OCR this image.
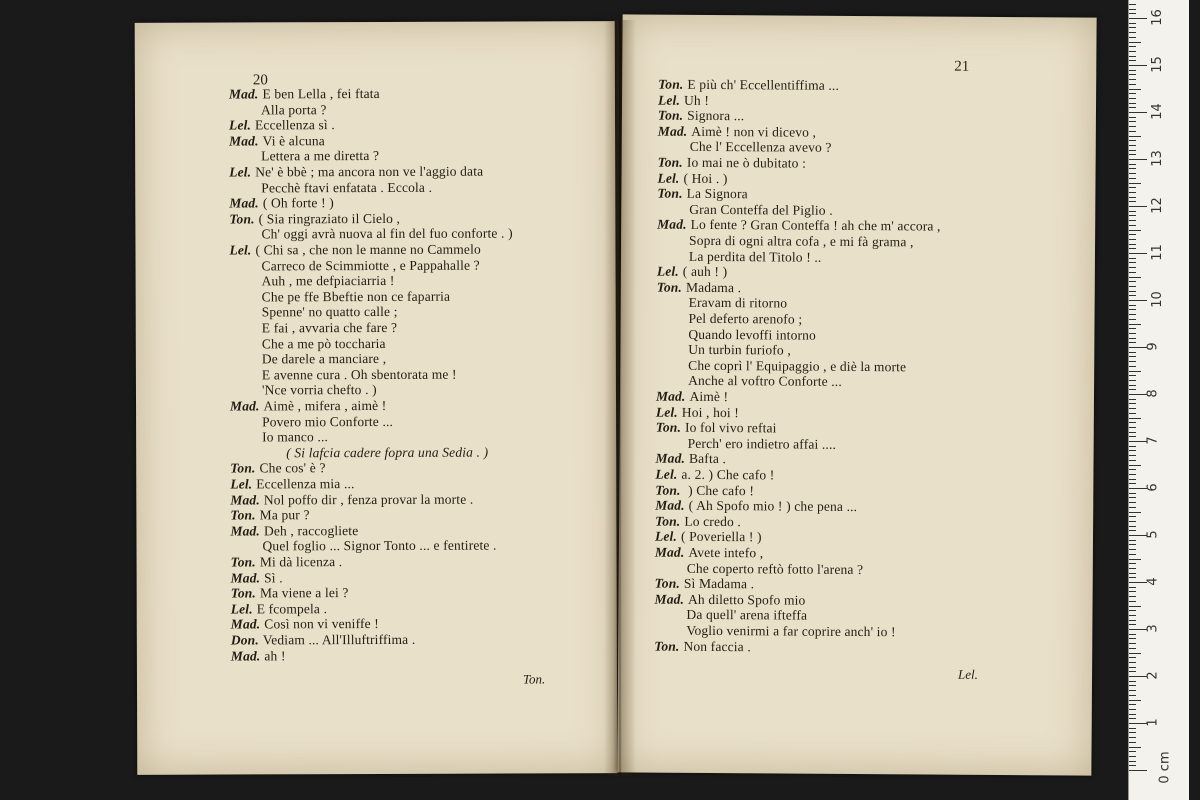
20
Mad. E ben Lella , fei ftata
Alla porta ?
Lel. Eccellenza sì .
Mad. Vi è alcuna
Lettera a me diretta ?
Lel. Ne' è bbè ; ma ancora non ve l'aggio data
Pecchè ftavi enfatata . Eccola .
Mad. ( Oh forte ! )
Ton. ( Sia ringraziato il Cielo ,
Ch' oggi avrà nuova al fin del fuo conforte . )
Lel. ( Chi sa , che non le manne no Cammelo
Carreco de Scimmiotte , e Pappahalle ?
Auh , me defpiaciarria !
Che pe ffe Bbeftie non ce faparria
Spenne' no quatto calle ;
E fai , avvaria che fare ?
Che a me pò toccharia
De darele a manciare ,
E avenne cura . Oh sbentorata me !
'Nce vorria chefto . )
Mad. Aimè , mifera , aimè !
Povero mio Conforte ...
Io manco ...
( Si lafcia cadere fopra una Sedia . )
Ton. Che cos' è ?
Lel. Eccellenza mia ...
Mad. Nol poffo dir , fenza provar la morte .
Ton. Ma pur ?
Mad. Deh , raccogliete
Quel foglio ... Signor Tonto ... e fentirete .
Ton. Mi dà licenza .
Mad. Sì .
Ton. Ma viene a lei ?
Lel. E fcompela .
Mad. Così non vi veniffe !
Don. Vediam ... All'Illuftriffima .
Mad. ah !
Ton.
21
Ton. E più ch' Eccellentiffima ...
Lel. Uh !
Ton. Signora ...
Mad. Aimè ! non vi dicevo ,
Che l' Eccellenza avevo ?
Ton. Io mai ne ò dubitato :
Lel. ( Hoi . )
Ton. La Signora
Gran Conteffa del Piglio .
Mad. Lo fente ? Gran Conteffa ! ah che m' accora ,
Sopra di ogni altra cofa , e mi fà grama ,
La perdita del Titolo ! ..
Lel. ( auh ! )
Ton. Madama .
Eravam di ritorno
Pel deferto arenofo ;
Quando levoffi intorno
Un turbin furiofo ,
Che coprì l' Equipaggio , e diè la morte
Anche al voftro Conforte ...
Mad. Aimè !
Lel. Hoi , hoi !
Ton. Io fol vivo reftai
Perch' ero indietro affai ....
Mad. Bafta .
Lel. a. 2. ) Che cafo !
Ton. ) Che cafo !
Mad. ( Ah Spofo mio ! ) che pena ...
Ton. Lo credo .
Lel. ( Poveriella ! )
Mad. Avete intefo ,
Che coperto reftò fotto l'arena ?
Ton. Sì Madama .
Mad. Ah diletto Spofo mio
Da quell' arena ifteffa
Voglio venirmi a far coprire anch' io !
Ton. Non faccia .
Lel.
0 cm
1
2
3
4
5
6
7
8
9
10
11
12
13
14
15
16
